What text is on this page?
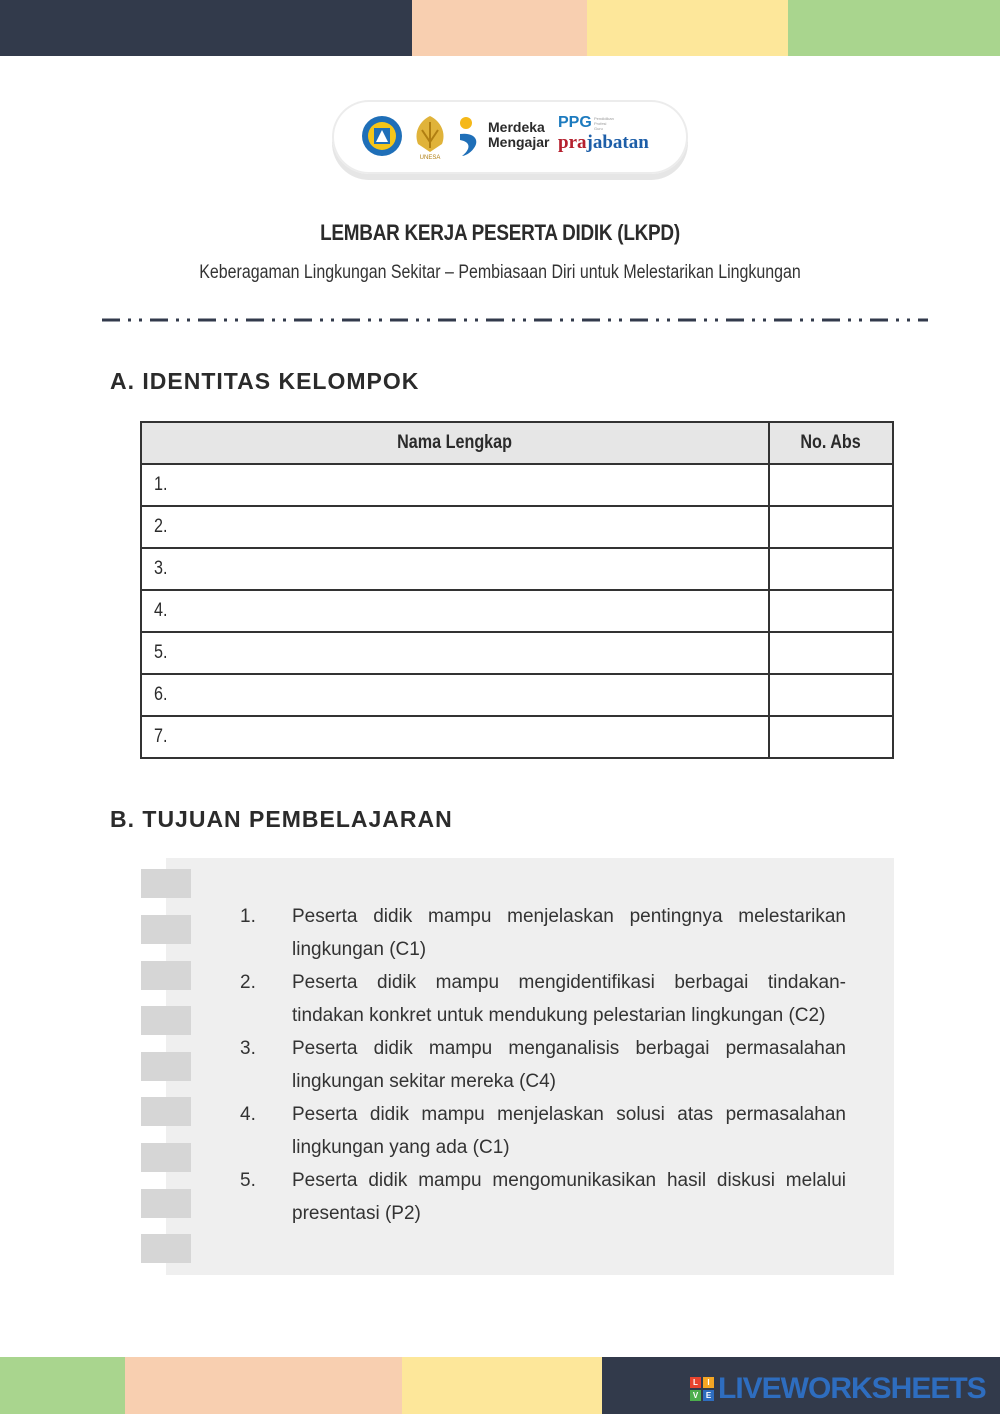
UNESA
Merdeka
Mengajar
PPG Pendidikan Profesi Guru
prajabatan
LEMBAR KERJA PESERTA DIDIK (LKPD)
Keberagaman Lingkungan Sekitar – Pembiasaan Diri untuk Melestarikan Lingkungan
A. IDENTITAS KELOMPOK
Nama Lengkap	No. Abs
1.	
2.	
3.	
4.	
5.	
6.	
7.	
B. TUJUAN PEMBELAJARAN
1.	Peserta didik mampu menjelaskan pentingnya melestarikan lingkungan (C1)
2.	Peserta didik mampu mengidentifikasi berbagai tindakan-tindakan konkret untuk mendukung pelestarian lingkungan (C2)
3.	Peserta didik mampu menganalisis berbagai permasalahan lingkungan sekitar mereka (C4)
4.	Peserta didik mampu menjelaskan solusi atas permasalahan lingkungan yang ada (C1)
5.	Peserta didik mampu mengomunikasikan hasil diskusi melalui presentasi (P2)
L	I
V E LIVEWORKSHEETS
